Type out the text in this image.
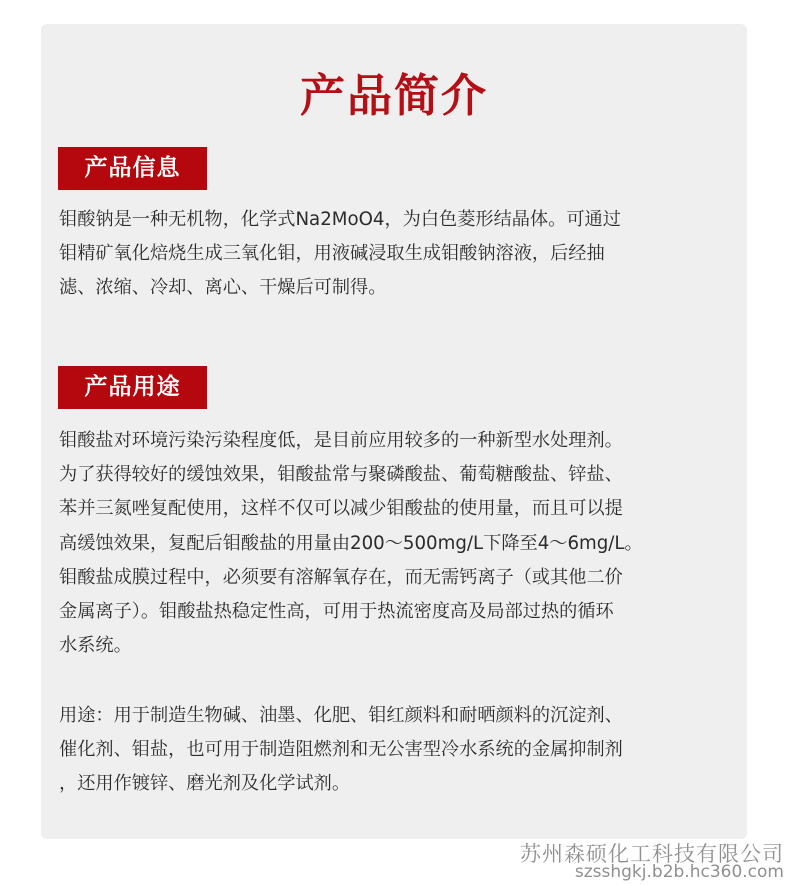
产品简介
产品信息

钼酸钠是一种无机物，化学式Na2MoO4，为白色菱形结晶体。可通过
钼精矿氧化焙烧生成三氧化钼，用液碱浸取生成钼酸钠溶液，后经抽
滤、浓缩、冷却、离心、干燥后可制得。

产品用途

钼酸盐对环境污染污染程度低，是目前应用较多的一种新型水处理剂。
为了获得较好的缓蚀效果，钼酸盐常与聚磷酸盐、葡萄糖酸盐、锌盐、
苯并三氮唑复配使用，这样不仅可以减少钼酸盐的使用量，而且可以提
高缓蚀效果，复配后钼酸盐的用量由200～500mg/L下降至4～6mg/L。
钼酸盐成膜过程中，必须要有溶解氧存在，而无需钙离子（或其他二价
金属离子）。钼酸盐热稳定性高，可用于热流密度高及局部过热的循环
水系统。

用途：用于制造生物碱、油墨、化肥、钼红颜料和耐晒颜料的沉淀剂、
催化剂、钼盐，也可用于制造阻燃剂和无公害型冷水系统的金属抑制剂
，还用作镀锌、磨光剂及化学试剂。

苏州森硕化工科技有限公司
szsshgkj.b2b.hc360.com
